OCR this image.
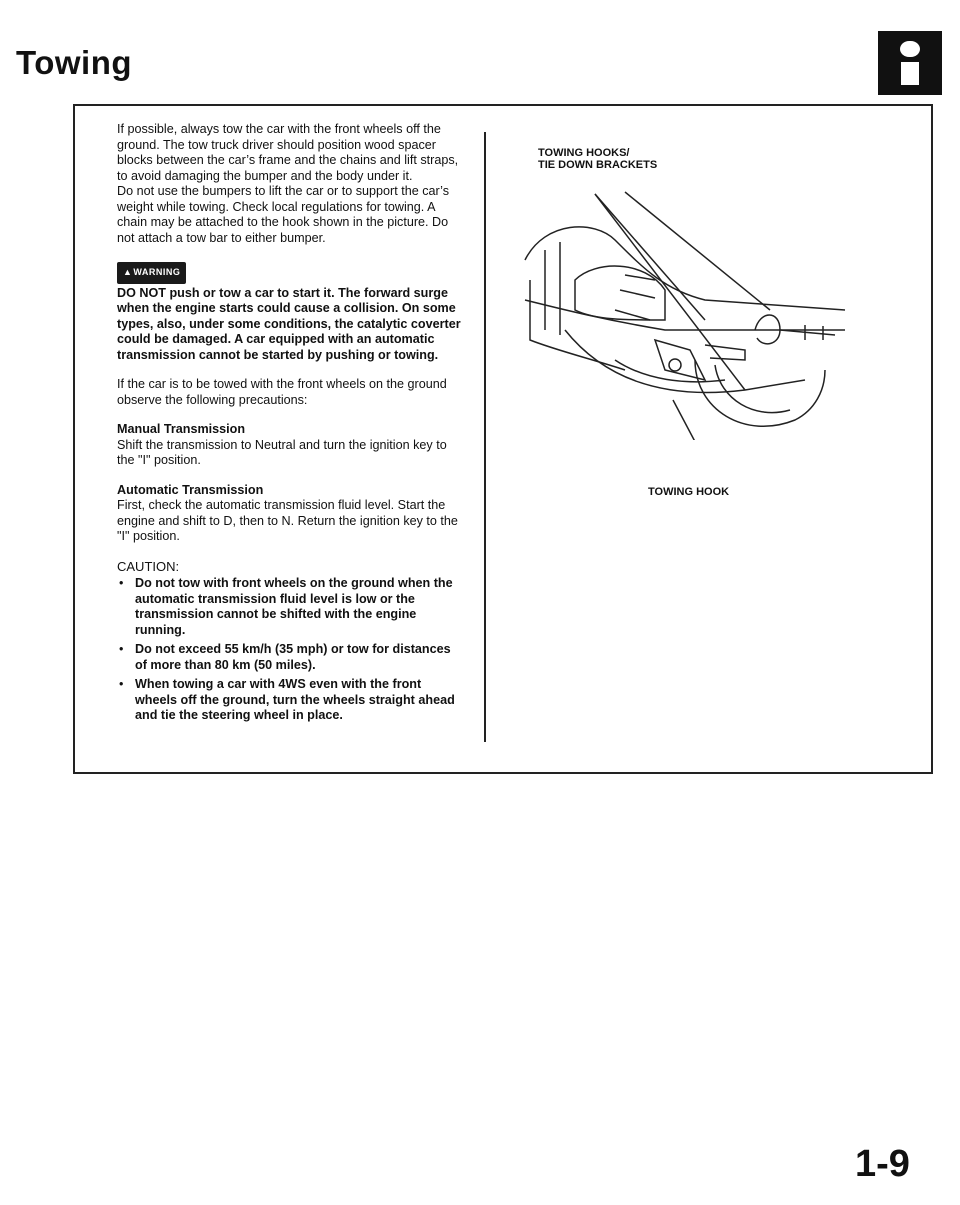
Towing

If possible, always tow the car with the front wheels off the ground. The tow truck driver should position wood spacer blocks between the car’s frame and the chains and lift straps, to avoid damaging the bumper and the body under it.

Do not use the bumpers to lift the car or to support the car’s weight while towing. Check local regulations for towing. A chain may be attached to the hook shown in the picture. Do not attach a tow bar to either bumper.

▲WARNING
DO NOT push or tow a car to start it. The forward surge when the engine starts could cause a collision. On some types, also, under some conditions, the catalytic coverter could be damaged. A car equipped with an automatic transmission cannot be started by pushing or towing.

If the car is to be towed with the front wheels on the ground observe the following precautions:

Manual Transmission
Shift the transmission to Neutral and turn the ignition key to the "I" position.

Automatic Transmission
First, check the automatic transmission fluid level. Start the engine and shift to D, then to N. Return the ignition key to the "I" position.

CAUTION:
• Do not tow with front wheels on the ground when the automatic transmission fluid level is low or the transmission cannot be shifted with the engine running.
• Do not exceed 55 km/h (35 mph) or tow for distances of more than 80 km (50 miles).
• When towing a car with 4WS even with the front wheels off the ground, turn the wheels straight ahead and tie the steering wheel in place.
TOWING HOOKS/
TIE DOWN BRACKETS
TOWING HOOK
1-9
